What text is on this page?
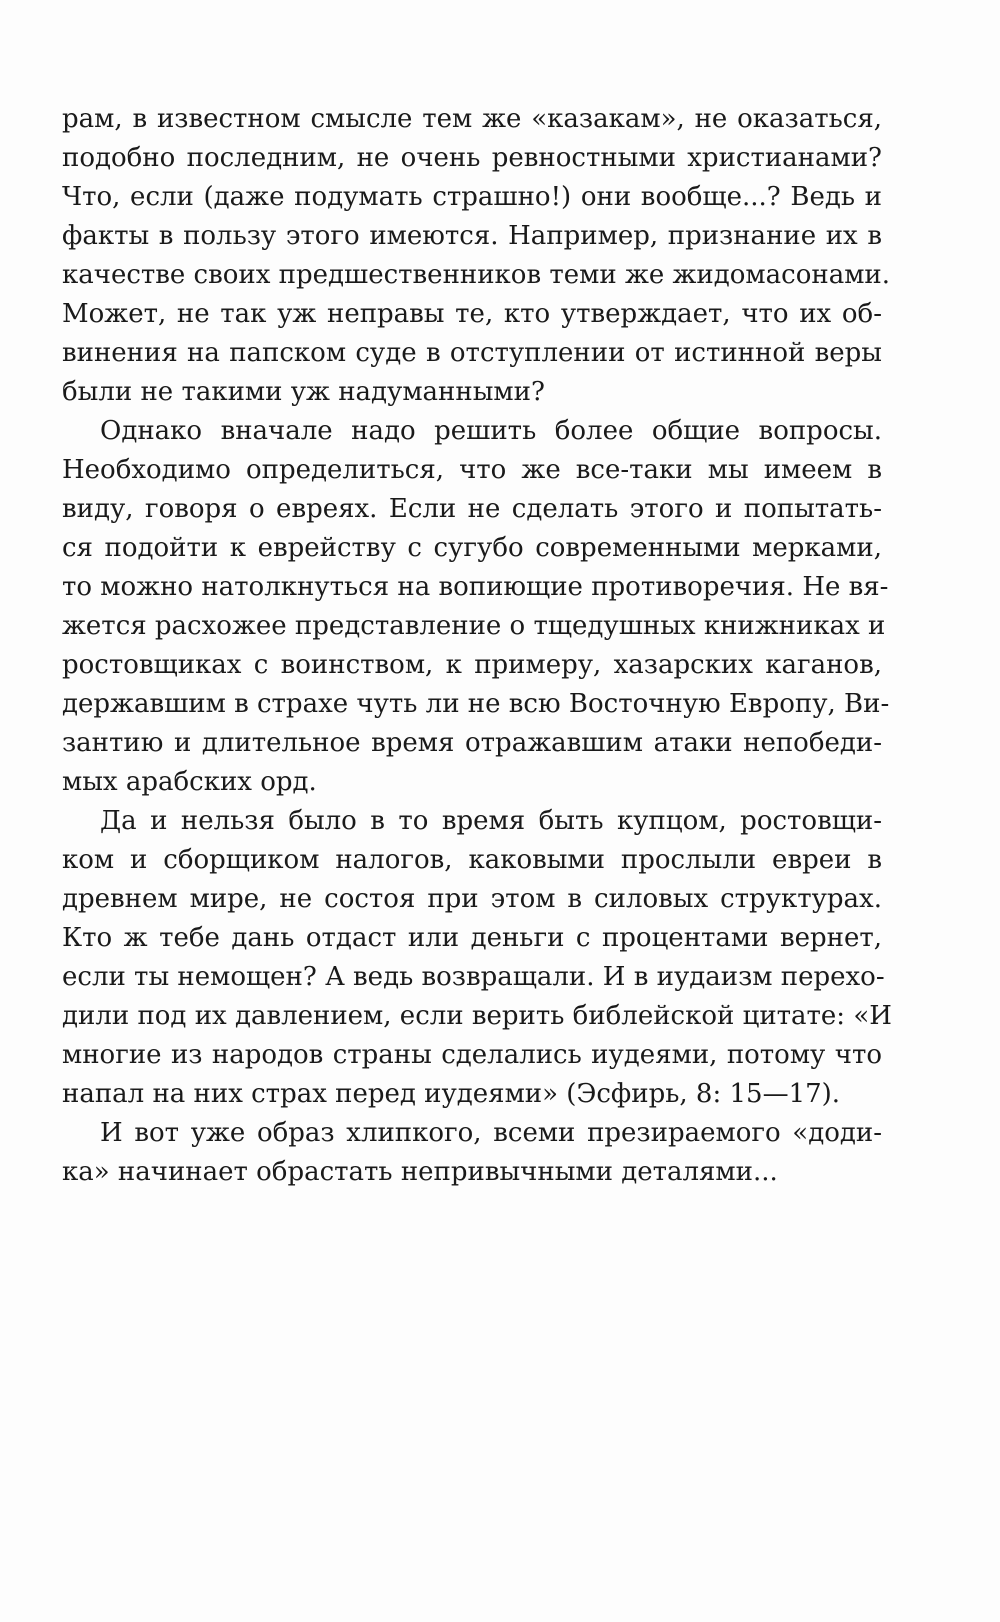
рам, в известном смысле тем же «казакам», не оказаться,
подобно последним, не очень ревностными христианами?
Что, если (даже подумать страшно!) они вообще...? Ведь и
факты в пользу этого имеются. Например, признание их в
качестве своих предшественников теми же жидомасонами.
Может, не так уж неправы те, кто утверждает, что их об-
винения на папском суде в отступлении от истинной веры
были не такими уж надуманными?
Однако вначале надо решить более общие вопросы.
Необходимо определиться, что же все-таки мы имеем в
виду, говоря о евреях. Если не сделать этого и попытать-
ся подойти к еврейству с сугубо современными мерками,
то можно натолкнуться на вопиющие противоречия. Не вя-
жется расхожее представление о тщедушных книжниках и
ростовщиках с воинством, к примеру, хазарских каганов,
державшим в страхе чуть ли не всю Восточную Европу, Ви-
зантию и длительное время отражавшим атаки непобеди-
мых арабских орд.
Да и нельзя было в то время быть купцом, ростовщи-
ком и сборщиком налогов, каковыми прослыли евреи в
древнем мире, не состоя при этом в силовых структурах.
Кто ж тебе дань отдаст или деньги с процентами вернет,
если ты немощен? А ведь возвращали. И в иудаизм перехо-
дили под их давлением, если верить библейской цитате: «И
многие из народов страны сделались иудеями, потому что
напал на них страх перед иудеями» (Эсфирь, 8: 15—17).
И вот уже образ хлипкого, всеми презираемого «доди-
ка» начинает обрастать непривычными деталями...
